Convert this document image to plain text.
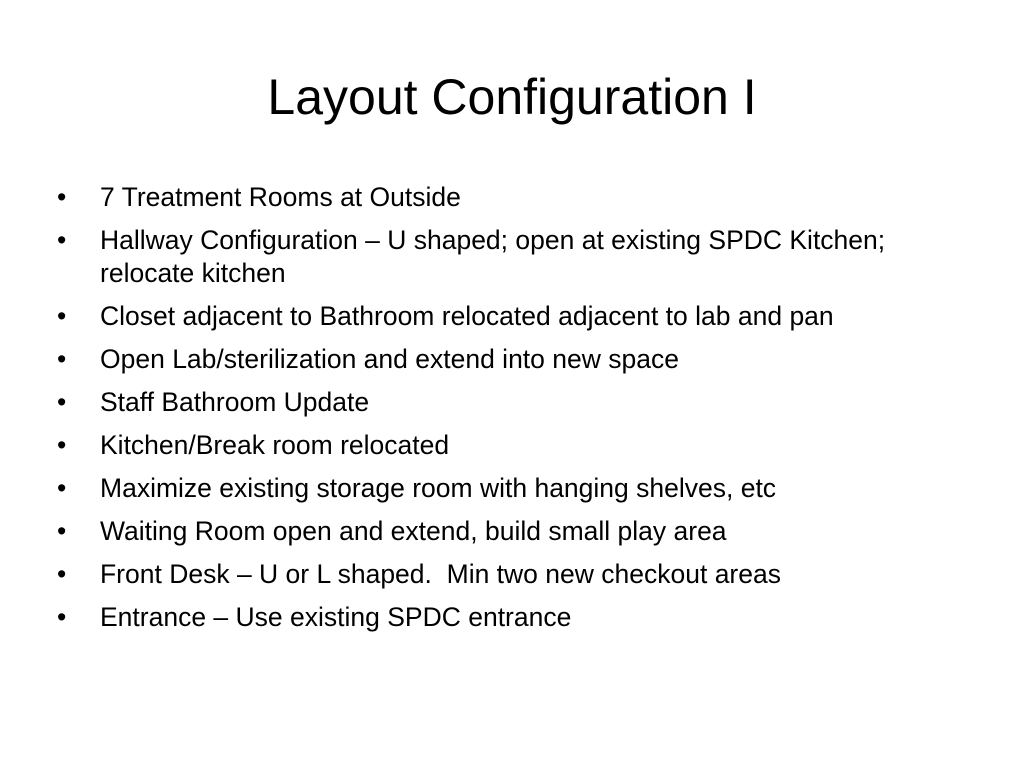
Layout Configuration I
•	7 Treatment Rooms at Outside
•	Hallway Configuration – U shaped; open at existing SPDC Kitchen; relocate kitchen
•	Closet adjacent to Bathroom relocated adjacent to lab and pan
•	Open Lab/sterilization and extend into new space
•	Staff Bathroom Update
•	Kitchen/Break room relocated
•	Maximize existing storage room with hanging shelves, etc
•	Waiting Room open and extend, build small play area
•	Front Desk – U or L shaped.  Min two new checkout areas
•	Entrance – Use existing SPDC entrance
